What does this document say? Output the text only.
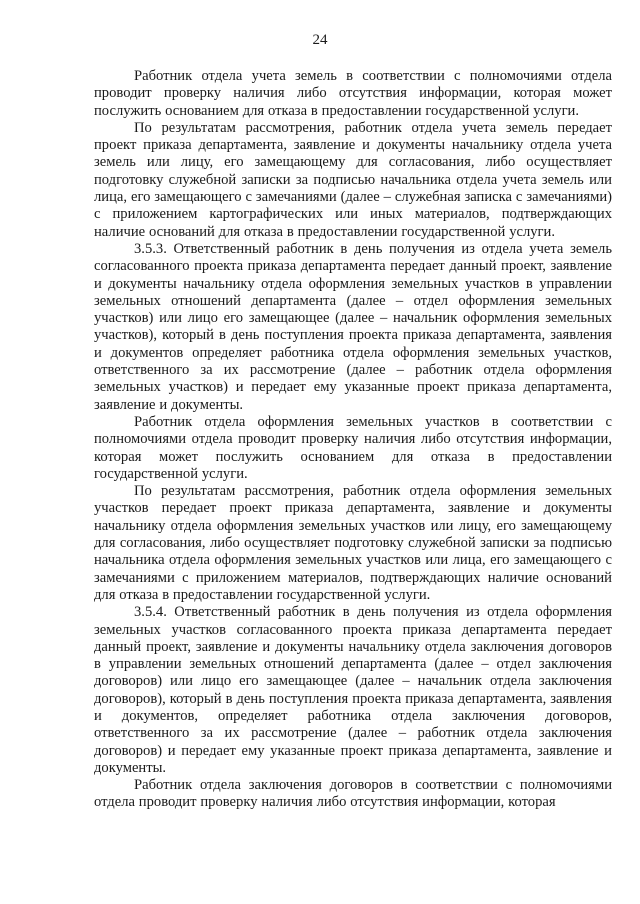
24

Работник отдела учета земель в соответствии с полномочиями отдела проводит проверку наличия либо отсутствия информации, которая может послужить основанием для отказа в предоставлении государственной услуги.

По результатам рассмотрения, работник отдела учета земель передает проект приказа департамента, заявление и документы начальнику отдела учета земель или лицу, его замещающему для согласования, либо осуществляет подготовку служебной записки за подписью начальника отдела учета земель или лица, его замещающего с замечаниями (далее – служебная записка с замечаниями) с приложением картографических или иных материалов, подтверждающих наличие оснований для отказа в предоставлении государственной услуги.

3.5.3. Ответственный работник в день получения из отдела учета земель согласованного проекта приказа департамента передает данный проект, заявление и документы начальнику отдела оформления земельных участков в управлении земельных отношений департамента (далее – отдел оформления земельных участков) или лицо его замещающее (далее – начальник оформления земельных участков), который в день поступления проекта приказа департамента, заявления и документов определяет работника отдела оформления земельных участков, ответственного за их рассмотрение (далее – работник отдела оформления земельных участков) и передает ему указанные проект приказа департамента, заявление и документы.

Работник отдела оформления земельных участков в соответствии с полномочиями отдела проводит проверку наличия либо отсутствия информации, которая может послужить основанием для отказа в предоставлении государственной услуги.

По результатам рассмотрения, работник отдела оформления земельных участков передает проект приказа департамента, заявление и документы начальнику отдела оформления земельных участков или лицу, его замещающему для согласования, либо осуществляет подготовку служебной записки за подписью начальника отдела оформления земельных участков или лица, его замещающего с замечаниями с приложением материалов, подтверждающих наличие оснований для отказа в предоставлении государственной услуги.

3.5.4. Ответственный работник в день получения из отдела оформления земельных участков согласованного проекта приказа департамента передает данный проект, заявление и документы начальнику отдела заключения договоров в управлении земельных отношений департамента (далее – отдел заключения договоров) или лицо его замещающее (далее – начальник отдела заключения договоров), который в день поступления проекта приказа департамента, заявления и документов, определяет работника отдела заключения договоров, ответственного за их рассмотрение (далее – работник отдела заключения договоров) и передает ему указанные проект приказа департамента, заявление и документы.

Работник отдела заключения договоров в соответствии с полномочиями отдела проводит проверку наличия либо отсутствия информации, которая
